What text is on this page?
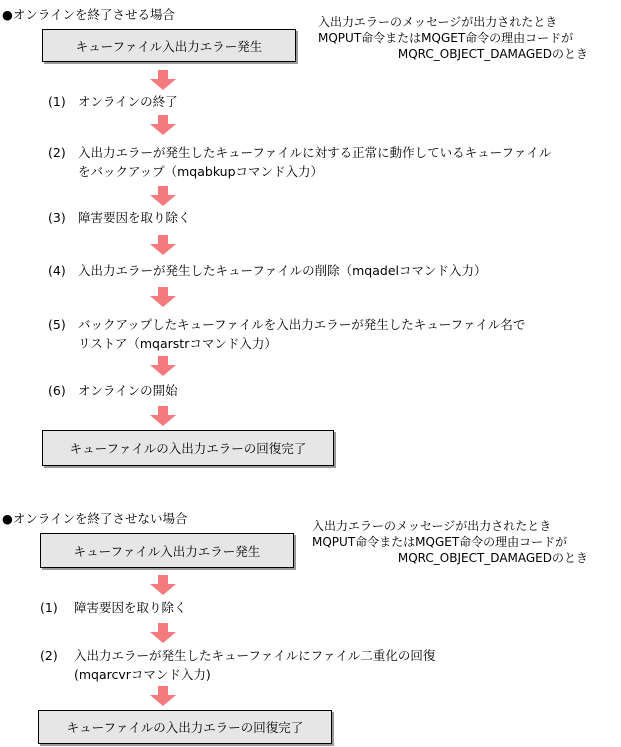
●オンラインを終了させる場合	入出力エラーのメッセージが出力されたとき
MQPUT命令またはMQGET命令の理由コードが
MQRC_OBJECT_DAMAGEDのとき
キューファイル入出力エラー発生
(1) オンラインの終了
(2) 入出力エラーが発生したキューファイルに対する正常に動作しているキューファイル
をバックアップ（mqabkupコマンド入力）
(3) 障害要因を取り除く
(4) 入出力エラーが発生したキューファイルの削除（mqadelコマンド入力）
(5) バックアップしたキューファイルを入出力エラーが発生したキューファイル名で
リストア（mqarstrコマンド入力）
(6) オンラインの開始
キューファイルの入出力エラーの回復完了
●オンラインを終了させない場合	入出力エラーのメッセージが出力されたとき
MQPUT命令またはMQGET命令の理由コードが
MQRC_OBJECT_DAMAGEDのとき
キューファイル入出力エラー発生
(1) 障害要因を取り除く
(2) 入出力エラーが発生したキューファイルにファイル二重化の回復
(mqarcvrコマンド入力)
キューファイルの入出力エラーの回復完了
